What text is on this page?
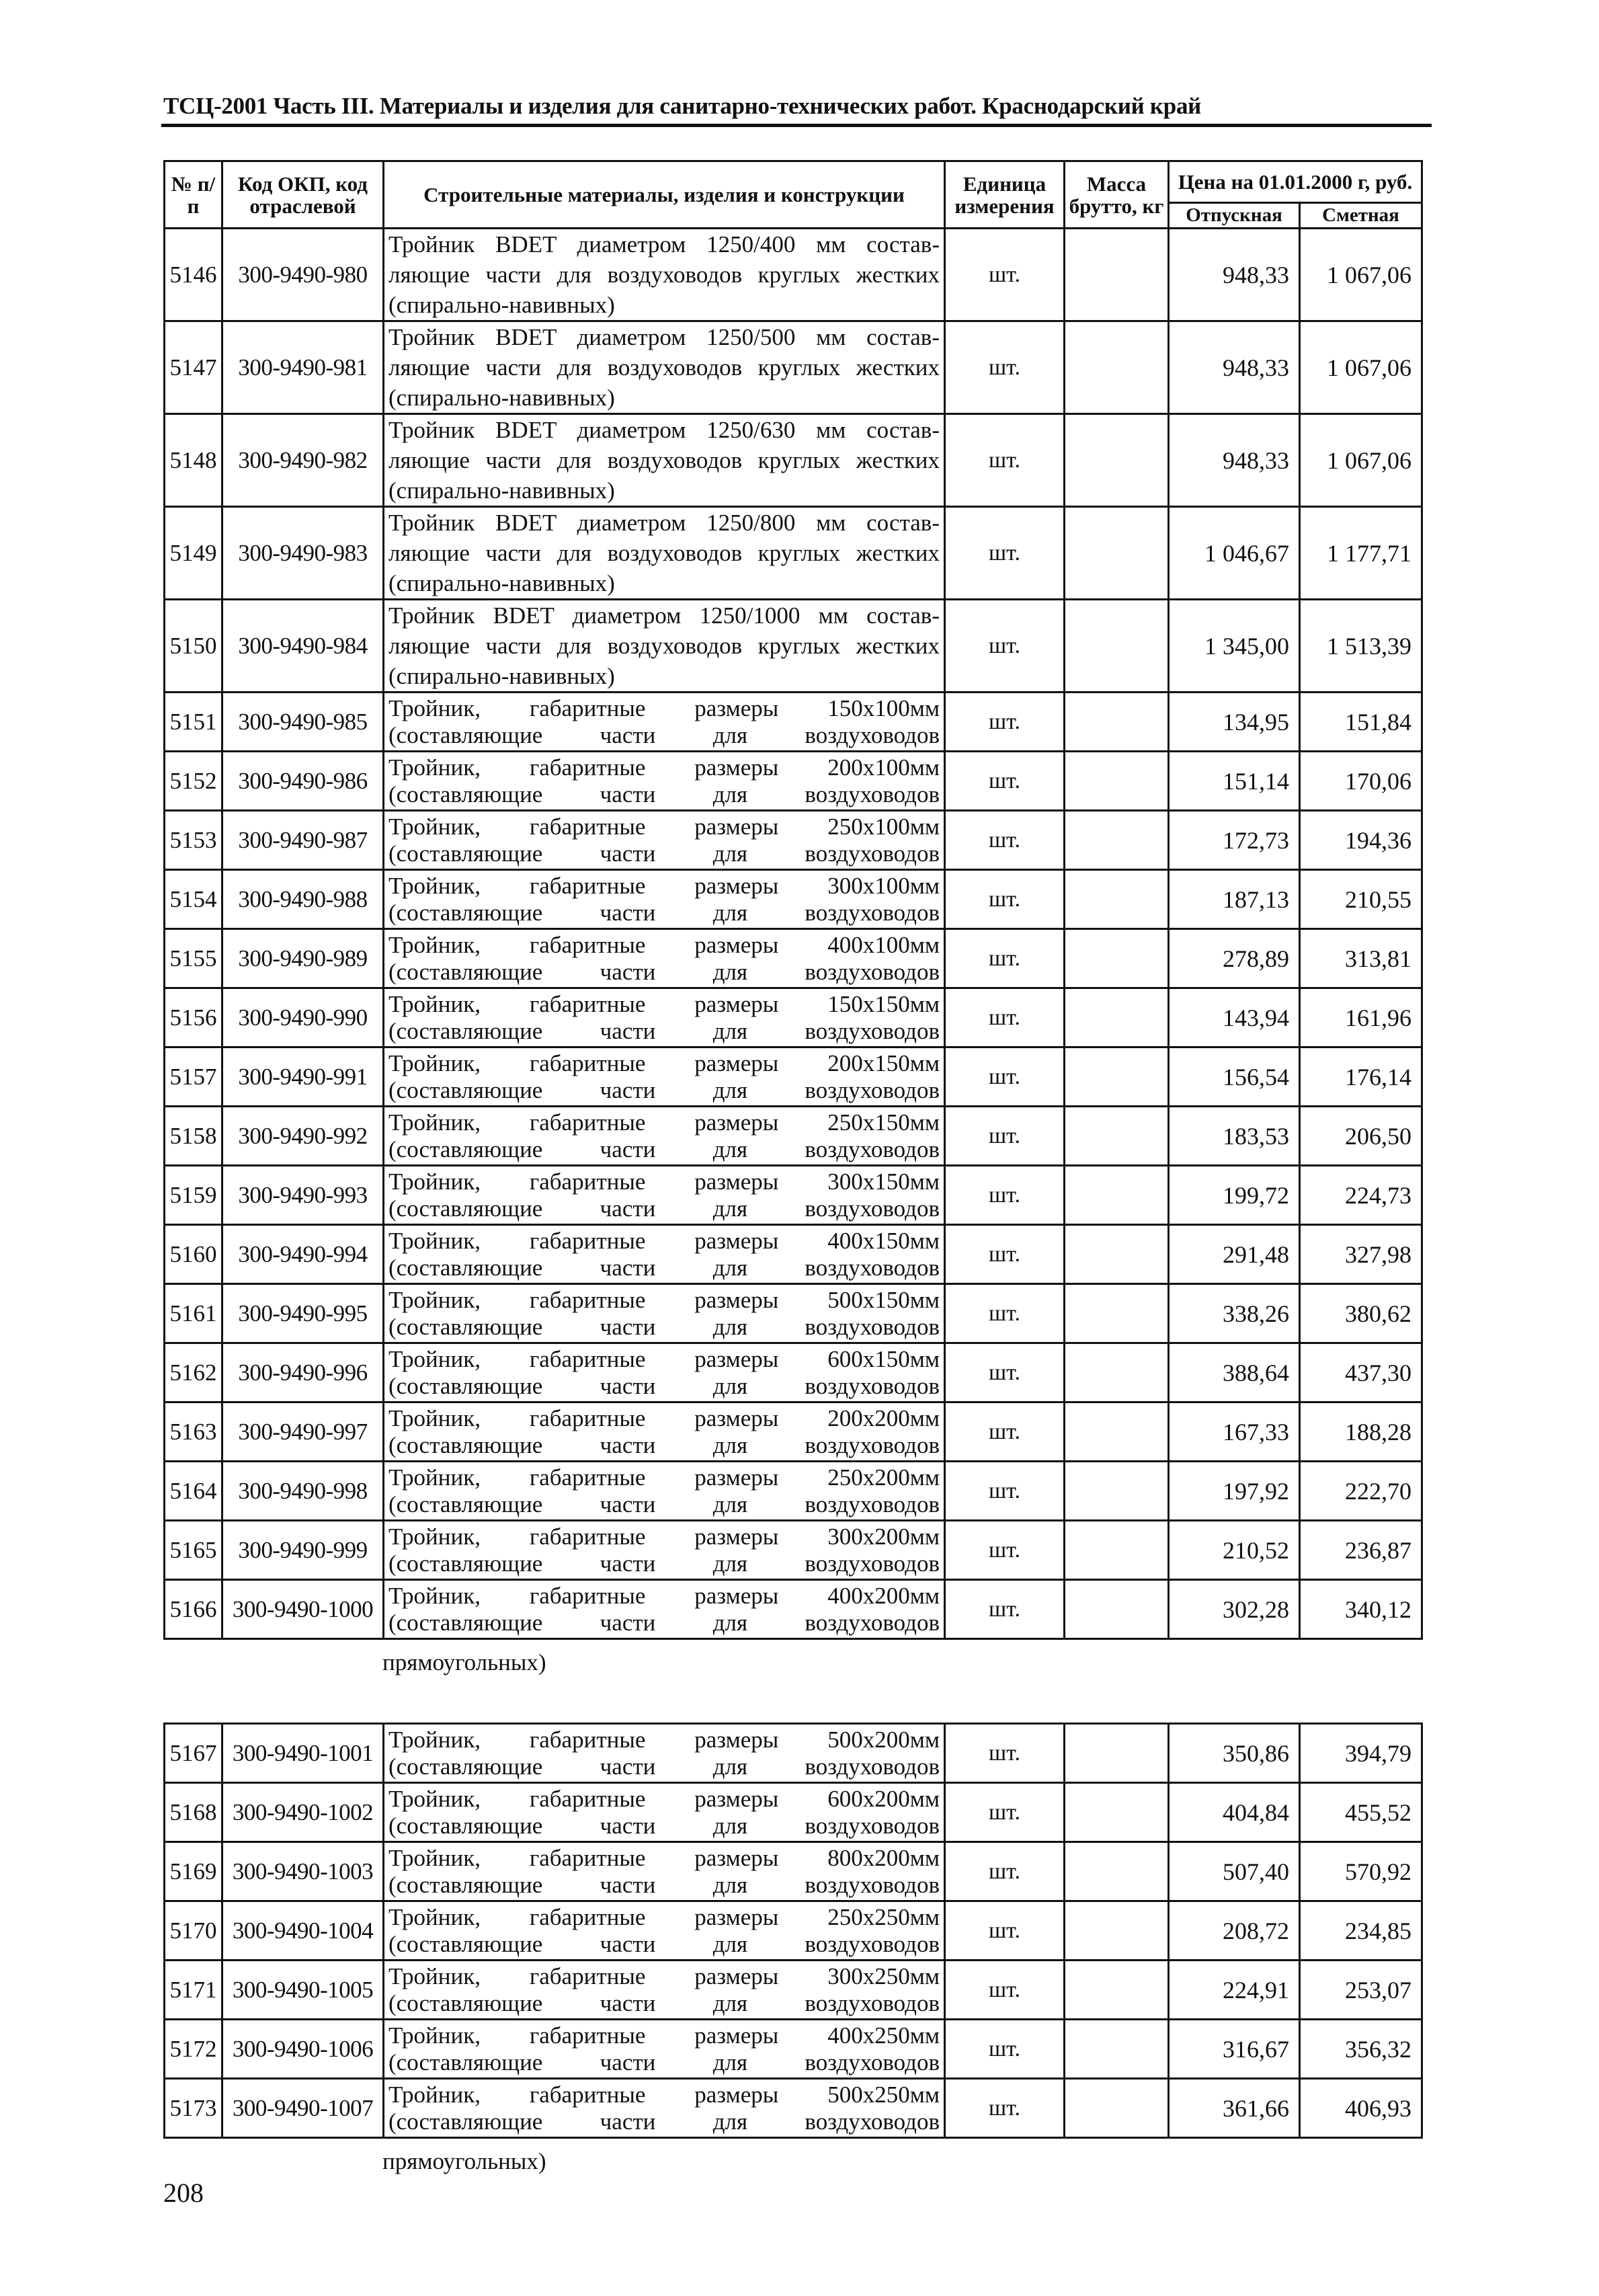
ТСЦ-2001 Часть III. Материалы и изделия для санитарно-технических работ. Краснодарский край
№ п/п	Код ОКП, код отраслевой	Строительные материалы, изделия и конструкции	Единица измерения	Масса брутто, кг	Цена на 01.01.2000 г, руб.	
					Отпускная	Сметная
5146	300-9490-980	Тройник BDET диаметром 1250/400 мм состав-
ляющие части для воздуховодов круглых жестких
(спирально-навивных)	шт.		948,33	1 067,06
5147	300-9490-981	Тройник BDET диаметром 1250/500 мм состав-
ляющие части для воздуховодов круглых жестких
(спирально-навивных)	шт.		948,33	1 067,06
5148	300-9490-982	Тройник BDET диаметром 1250/630 мм состав-
ляющие части для воздуховодов круглых жестких
(спирально-навивных)	шт.		948,33	1 067,06
5149	300-9490-983	Тройник BDET диаметром 1250/800 мм состав-
ляющие части для воздуховодов круглых жестких
(спирально-навивных)	шт.		1 046,67	1 177,71
5150	300-9490-984	Тройник BDET диаметром 1250/1000 мм состав-
ляющие части для воздуховодов круглых жестких
(спирально-навивных)	шт.		1 345,00	1 513,39
5151	300-9490-985	Тройник, габаритные размеры 150x100мм
(составляющие части для воздуховодов	шт.		134,95	151,84
5152	300-9490-986	Тройник, габаритные размеры 200x100мм
(составляющие части для воздуховодов	шт.		151,14	170,06
5153	300-9490-987	Тройник, габаритные размеры 250x100мм
(составляющие части для воздуховодов	шт.		172,73	194,36
5154	300-9490-988	Тройник, габаритные размеры 300x100мм
(составляющие части для воздуховодов	шт.		187,13	210,55
5155	300-9490-989	Тройник, габаритные размеры 400x100мм
(составляющие части для воздуховодов	шт.		278,89	313,81
5156	300-9490-990	Тройник, габаритные размеры 150x150мм
(составляющие части для воздуховодов	шт.		143,94	161,96
5157	300-9490-991	Тройник, габаритные размеры 200x150мм
(составляющие части для воздуховодов	шт.		156,54	176,14
5158	300-9490-992	Тройник, габаритные размеры 250x150мм
(составляющие части для воздуховодов	шт.		183,53	206,50
5159	300-9490-993	Тройник, габаритные размеры 300x150мм
(составляющие части для воздуховодов	шт.		199,72	224,73
5160	300-9490-994	Тройник, габаритные размеры 400x150мм
(составляющие части для воздуховодов	шт.		291,48	327,98
5161	300-9490-995	Тройник, габаритные размеры 500x150мм
(составляющие части для воздуховодов	шт.		338,26	380,62
5162	300-9490-996	Тройник, габаритные размеры 600x150мм
(составляющие части для воздуховодов	шт.		388,64	437,30
5163	300-9490-997	Тройник, габаритные размеры 200x200мм
(составляющие части для воздуховодов	шт.		167,33	188,28
5164	300-9490-998	Тройник, габаритные размеры 250x200мм
(составляющие части для воздуховодов	шт.		197,92	222,70
5165	300-9490-999	Тройник, габаритные размеры 300x200мм
(составляющие части для воздуховодов	шт.		210,52	236,87
5166	300-9490-1000	Тройник, габаритные размеры 400x200мм
(составляющие части для воздуховодов	шт.		302,28	340,12
прямоугольных)
5167	300-9490-1001	Тройник, габаритные размеры 500x200мм
(составляющие части для воздуховодов	шт.		350,86	394,79
5168	300-9490-1002	Тройник, габаритные размеры 600x200мм
(составляющие части для воздуховодов	шт.		404,84	455,52
5169	300-9490-1003	Тройник, габаритные размеры 800x200мм
(составляющие части для воздуховодов	шт.		507,40	570,92
5170	300-9490-1004	Тройник, габаритные размеры 250x250мм
(составляющие части для воздуховодов	шт.		208,72	234,85
5171	300-9490-1005	Тройник, габаритные размеры 300x250мм
(составляющие части для воздуховодов	шт.		224,91	253,07
5172	300-9490-1006	Тройник, габаритные размеры 400x250мм
(составляющие части для воздуховодов	шт.		316,67	356,32
5173	300-9490-1007	Тройник, габаритные размеры 500x250мм
(составляющие части для воздуховодов	шт.		361,66	406,93
прямоугольных)
208
